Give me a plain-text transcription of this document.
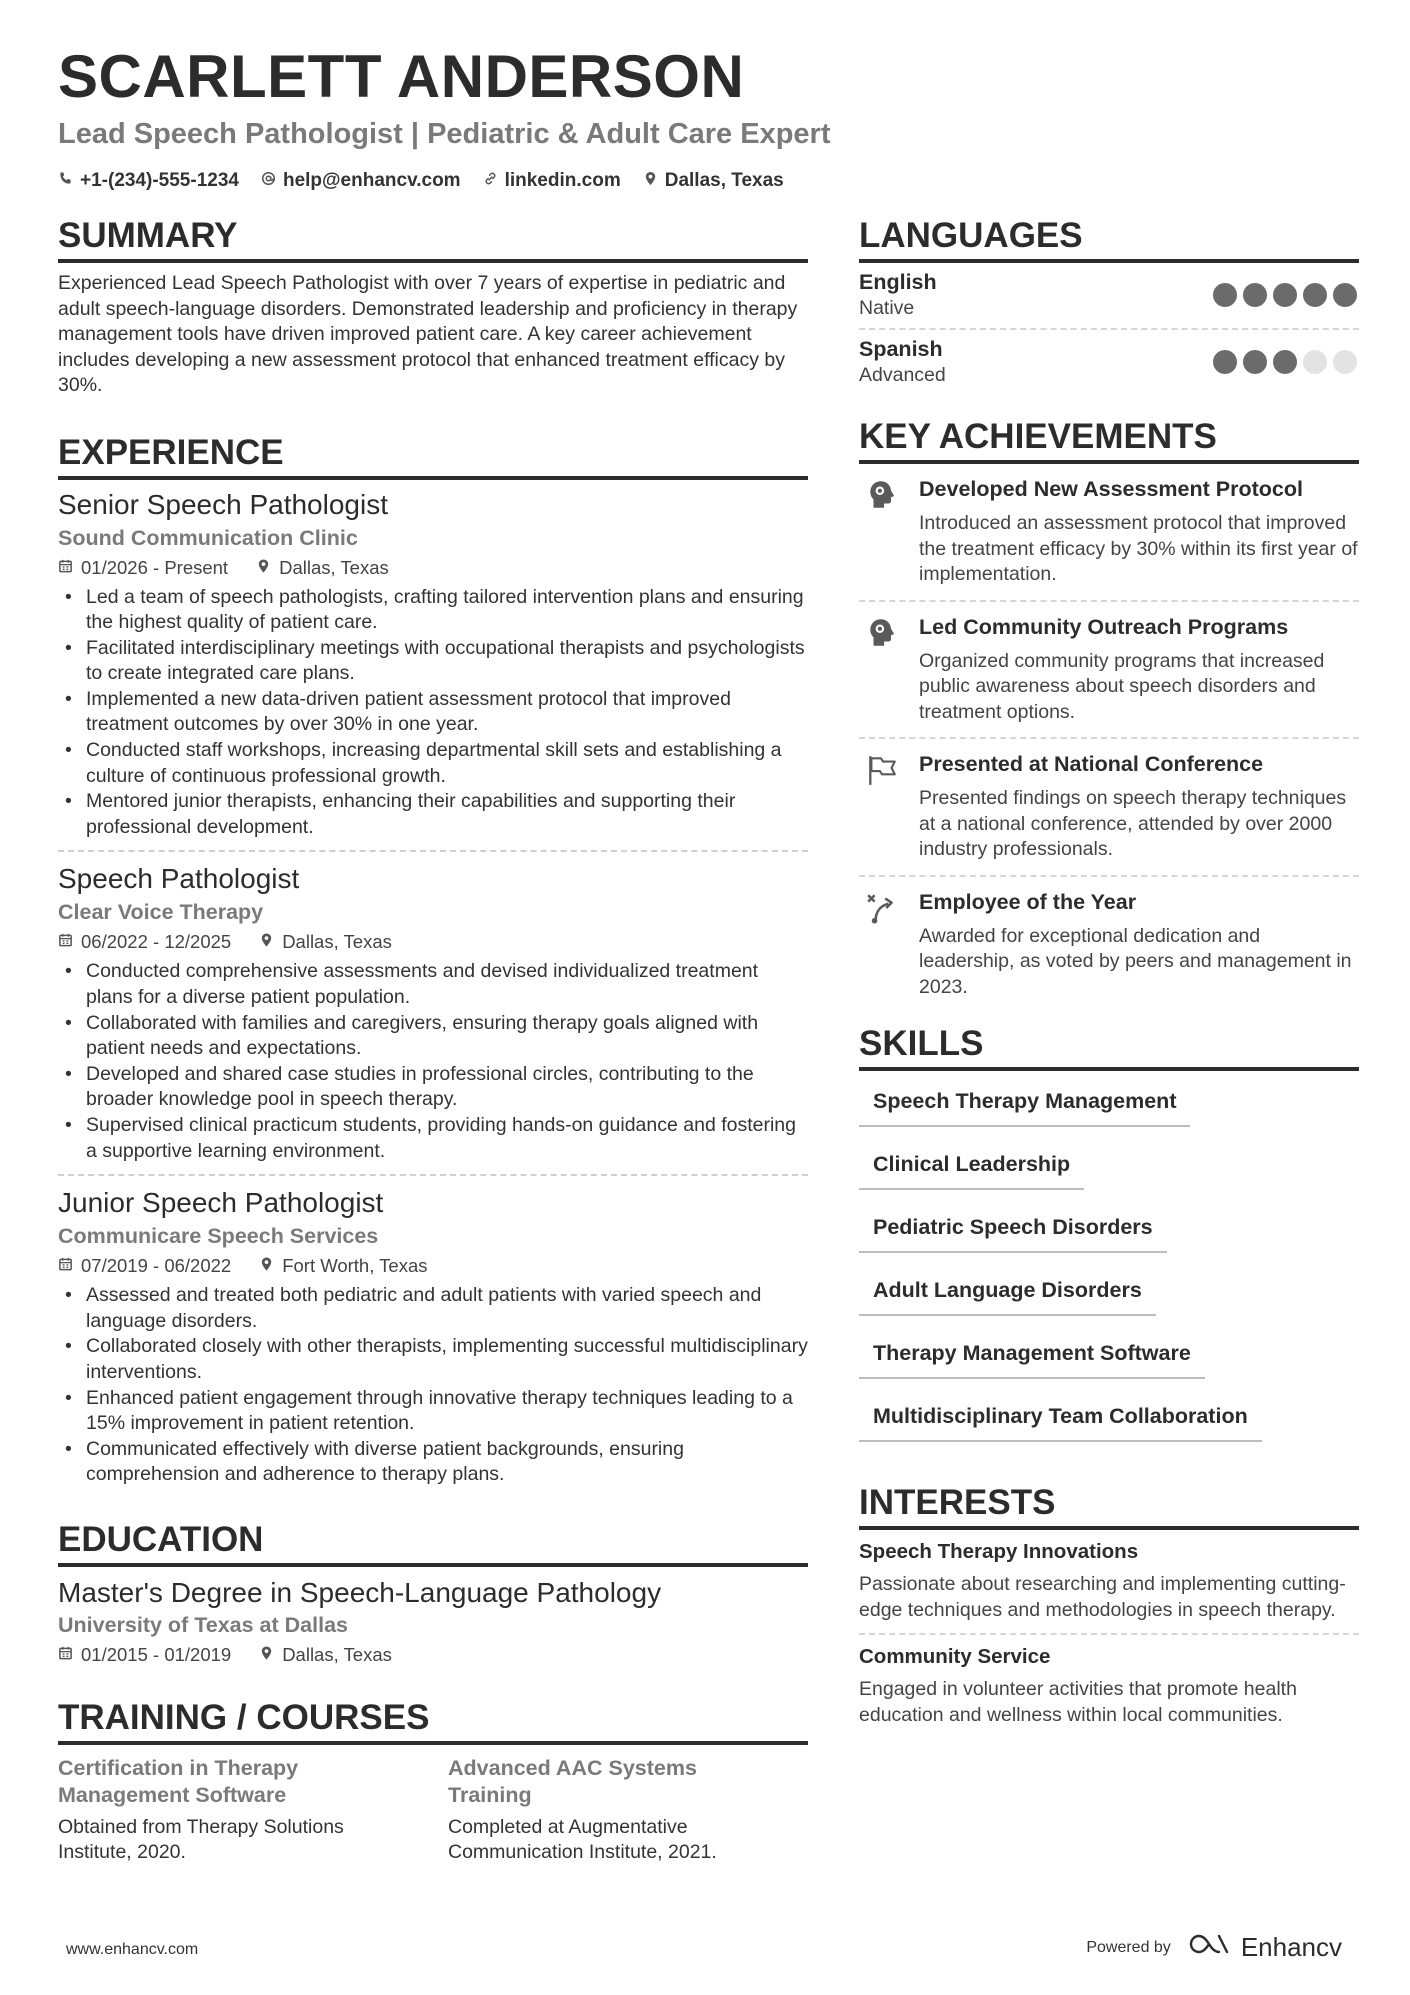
SCARLETT ANDERSON
Lead Speech Pathologist | Pediatric & Adult Care Expert
+1-(234)-555-1234 help@enhancv.com linkedin.com Dallas, Texas
SUMMARY
Experienced Lead Speech Pathologist with over 7 years of expertise in pediatric and adult speech-language disorders. Demonstrated leadership and proficiency in therapy management tools have driven improved patient care. A key career achievement includes developing a new assessment protocol that enhanced treatment efficacy by 30%.
EXPERIENCE
Senior Speech Pathologist
Sound Communication Clinic
01/2026 - Present	Dallas, Texas
• Led a team of speech pathologists, crafting tailored intervention plans and ensuring the highest quality of patient care.
• Facilitated interdisciplinary meetings with occupational therapists and psychologists to create integrated care plans.
• Implemented a new data-driven patient assessment protocol that improved treatment outcomes by over 30% in one year.
• Conducted staff workshops, increasing departmental skill sets and establishing a culture of continuous professional growth.
• Mentored junior therapists, enhancing their capabilities and supporting their professional development.
Speech Pathologist
Clear Voice Therapy
06/2022 - 12/2025	Dallas, Texas
• Conducted comprehensive assessments and devised individualized treatment plans for a diverse patient population.
• Collaborated with families and caregivers, ensuring therapy goals aligned with patient needs and expectations.
• Developed and shared case studies in professional circles, contributing to the broader knowledge pool in speech therapy.
• Supervised clinical practicum students, providing hands-on guidance and fostering a supportive learning environment.
Junior Speech Pathologist
Communicare Speech Services
07/2019 - 06/2022	Fort Worth, Texas
• Assessed and treated both pediatric and adult patients with varied speech and language disorders.
• Collaborated closely with other therapists, implementing successful multidisciplinary interventions.
• Enhanced patient engagement through innovative therapy techniques leading to a 15% improvement in patient retention.
• Communicated effectively with diverse patient backgrounds, ensuring comprehension and adherence to therapy plans.
EDUCATION
Master's Degree in Speech-Language Pathology
University of Texas at Dallas
01/2015 - 01/2019	Dallas, Texas
TRAINING / COURSES
Certification in Therapy Management Software
Obtained from Therapy Solutions Institute, 2020.
Advanced AAC Systems Training
Completed at Augmentative Communication Institute, 2021.
LANGUAGES
English
Native
Spanish
Advanced
KEY ACHIEVEMENTS
Developed New Assessment Protocol
Introduced an assessment protocol that improved the treatment efficacy by 30% within its first year of implementation.
Led Community Outreach Programs
Organized community programs that increased public awareness about speech disorders and treatment options.
Presented at National Conference
Presented findings on speech therapy techniques at a national conference, attended by over 2000 industry professionals.
Employee of the Year
Awarded for exceptional dedication and leadership, as voted by peers and management in 2023.
SKILLS
Speech Therapy Management
Clinical Leadership
Pediatric Speech Disorders
Adult Language Disorders
Therapy Management Software
Multidisciplinary Team Collaboration
INTERESTS
Speech Therapy Innovations
Passionate about researching and implementing cutting-edge techniques and methodologies in speech therapy.
Community Service
Engaged in volunteer activities that promote health education and wellness within local communities.
www.enhancv.com	Powered by	Enhancv
